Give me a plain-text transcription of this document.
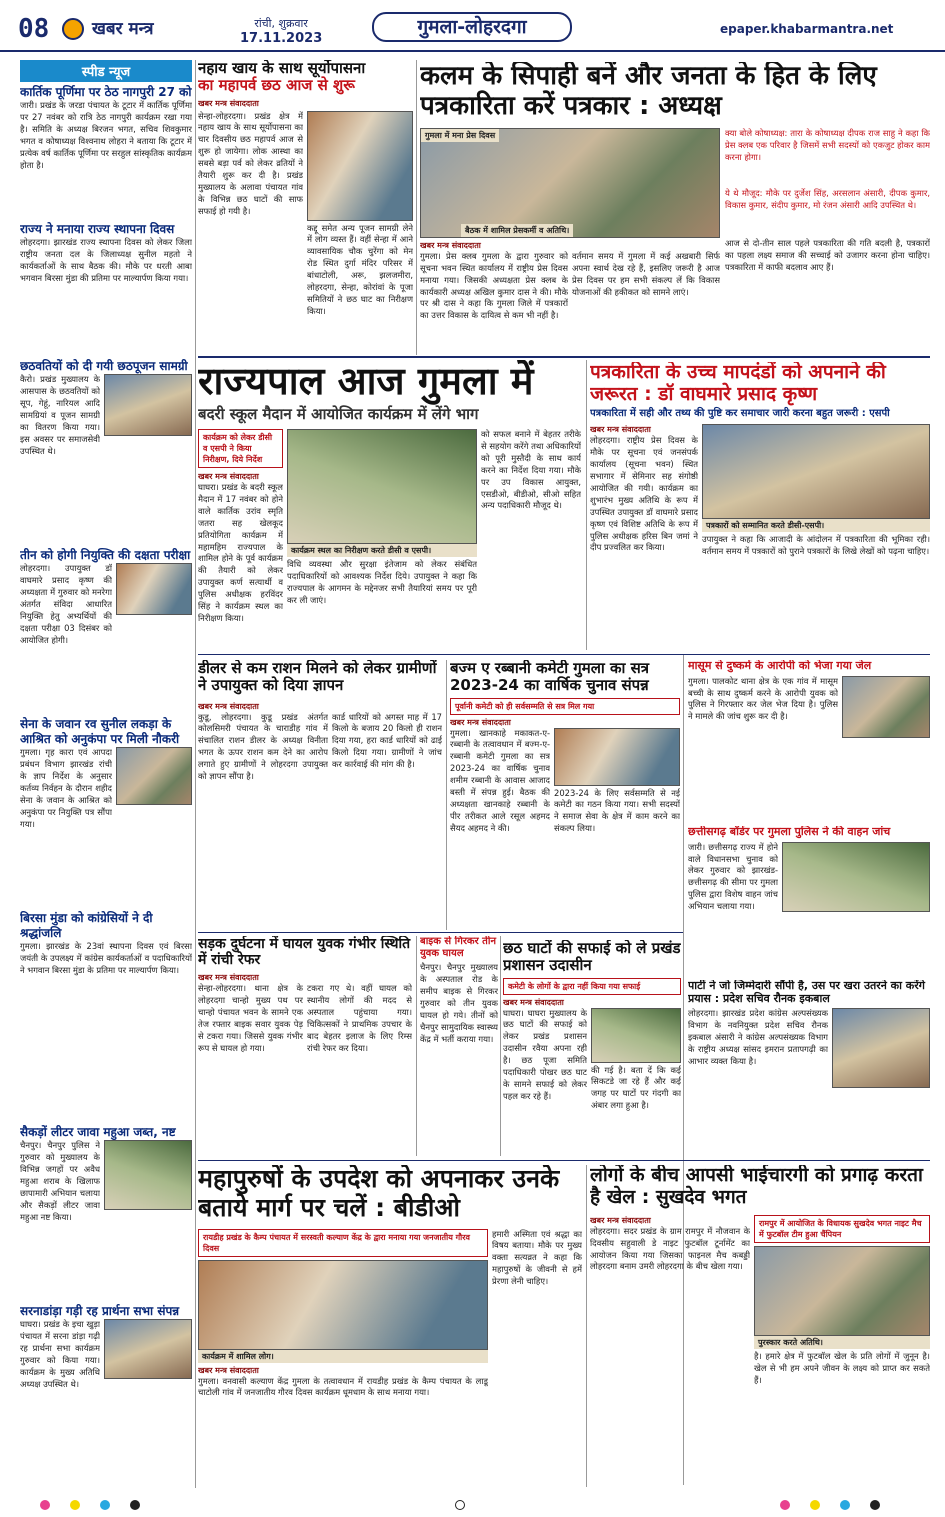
08	खबर मन्त्र	रांची, शुक्रवार
17.11.2023
गुमला-लोहरदगा	epaper.khabarmantra.net
स्पीड न्यूज
कार्तिक पूर्णिमा पर ठेठ नागपुरी 27 को
जारी। प्रखंड के जरडा पंचायत के टूटार में कार्तिक पूर्णिमा पर 27 नवंबर को रात्रि ठेठ नागपुरी कार्यक्रम रखा गया है। समिति के अध्यक्ष बिरजन भगत, सचिव शिवकुमार भगत व कोषाध्यक्ष विश्वनाथ लोहरा ने बताया कि टूटार में प्रत्येक वर्ष कार्तिक पूर्णिमा पर सरहुल सांस्कृतिक कार्यक्रम होता है।
राज्य ने मनाया राज्य स्थापना दिवस
लोहरदगा। झारखंड राज्य स्थापना दिवस को लेकर जिला राष्ट्रीय जनता दल के जिलाध्यक्ष सुनील महतो ने कार्यकर्ताओं के साथ बैठक की। मौके पर धरती आबा भगवान बिरसा मुंडा की प्रतिमा पर माल्यार्पण किया गया।
छठवतियों को दी गयी छठपूजन सामग्री
कैरो। प्रखंड मुख्यालय के आसपास के छठवतियों को सूप, गेहूं, नारियल आदि सामग्रियां व पूजन सामग्री का वितरण किया गया। इस अवसर पर समाजसेवी उपस्थित थे।
तीन को होगी नियुक्ति की दक्षता परीक्षा
लोहरदगा। उपायुक्त डॉ वाघमारे प्रसाद कृष्ण की अध्यक्षता में गुरुवार को मनरेगा अंतर्गत संविदा आधारित नियुक्ति हेतु अभ्यर्थियों की दक्षता परीक्षा 03 दिसंबर को आयोजित होगी।
सेना के जवान रव सुनील लकड़ा के आश्रित को अनुकंपा पर मिली नौकरी
गुमला। गृह कारा एवं आपदा प्रबंधन विभाग झारखंड रांची के ज्ञाप निर्देश के अनुसार कर्तव्य निर्वहन के दौरान शहीद सेना के जवान के आश्रित को अनुकंपा पर नियुक्ति पत्र सौंपा गया।
बिरसा मुंडा को कांग्रेसियों ने दी श्रद्धांजलि
गुमला। झारखंड के 23वां स्थापना दिवस एवं बिरसा जयंती के उपलक्ष्य में कांग्रेस कार्यकर्ताओं व पदाधिकारियों ने भगवान बिरसा मुंडा के प्रतिमा पर माल्यार्पण किया।
सैकड़ों लीटर जावा महुआ जब्त, नष्ट
चैनपुर। चैनपुर पुलिस ने गुरुवार को मुख्यालय के विभिन्न जगहों पर अवैध महुआ शराब के खिलाफ छापामारी अभियान चलाया और सैकड़ों लीटर जावा महुआ नष्ट किया।
सरनाडांड़ा गड़ी रह प्रार्थना सभा संपन्न
घाघरा। प्रखंड के इचा खुड़ा पंचायत में सरना डांड़ा गढ़ी रह प्रार्थना सभा कार्यक्रम गुरुवार को किया गया। कार्यक्रम के मुख्य अतिथि अध्यक्ष उपस्थित थे।
नहाय खाय के साथ सूर्योपासना
का महापर्व छठ आज से शुरू
खबर मन्त्र संवाददाता
सेन्हा-लोहरदगा। प्रखंड क्षेत्र में नहाय खाय के साथ सूर्योपासना का चार दिवसीय छठ महापर्व आज से शुरू हो जायेगा। लोक आस्था का सबसे बड़ा पर्व को लेकर व्रतियों ने तैयारी शुरू कर दी है। प्रखंड मुख्यालय के अलावा पंचायत गांव के विभिन्न छठ घाटों की साफ सफाई हो गयी है।
कद्दू समेत अन्य पूजन सामग्री लेने में लोग व्यस्त हैं। वहीं सेन्हा में आने व्यावसायिक चौक चुरेंगा को मेन रोड स्थित दुर्गा मंदिर परिसर में बांधाटोली, अरू, झलजमीरा, लोहरदगा, सेन्हा, कोरांवां के पूजा समितियों ने छठ घाट का निरीक्षण किया।
कलम के सिपाही बनें और जनता के हित के लिए पत्रकारिता करें पत्रकार : अध्यक्ष
गुमला में मना प्रेस दिवस
बैठक में शामिल प्रेसकर्मी व अतिथि।
खबर मन्त्र संवाददाता
गुमला। प्रेस क्लब गुमला के द्वारा गुरुवार को सूचना भवन स्थित कार्यालय में राष्ट्रीय प्रेस दिवस मनाया गया। जिसकी अध्यक्षता प्रेस क्लब के कार्यकारी अध्यक्ष अखिल कुमार दास ने की। मौके पर श्री दास ने कहा कि गुमला जिले में पत्रकारों का उत्तर विकास के दायित्व से कम भी नहीं है।
वर्तमान समय में गुमला में कई अखबारी सिर्फ अपना स्वार्थ देख रहे हैं, इसलिए जरूरी है आज प्रेस दिवस पर हम सभी संकल्प लें कि विकास योजनाओं की हकीकत को सामने लाएं।
क्या बोले कोषाध्यक्ष: तारा के कोषाध्यक्ष दीपक राज साहु ने कहा कि प्रेस क्लब एक परिवार है जिसमें सभी सदस्यों को एकजुट होकर काम करना होगा।
ये थे मौजूद: मौके पर दुर्जेश सिंह, अरसलान अंसारी, दीपक कुमार, विकास कुमार, संदीप कुमार, मो रंजन अंसारी आदि उपस्थित थे।
आज से दो-तीन साल पहले पत्रकारिता की गति बदली है, पत्रकारों का पहला लक्ष्य समाज की सच्चाई को उजागर करना होना चाहिए। पत्रकारिता में काफी बदलाव आए हैं।
राज्यपाल आज गुमला में
बदरी स्कूल मैदान में आयोजित कार्यक्रम में लेंगे भाग
कार्यक्रम को लेकर डीसी व एसपी ने किया निरीक्षण, दिये निर्देश
खबर मन्त्र संवाददाता
घाघरा। प्रखंड के बदरी स्कूल मैदान में 17 नवंबर को होने वाले कार्तिक उरांव स्मृति जतरा सह खेलकूद प्रतियोगिता कार्यक्रम में महामहिम राज्यपाल के शामिल होने के पूर्व कार्यक्रम की तैयारी को लेकर उपायुक्त कर्ण सत्यार्थी व पुलिस अधीक्षक हरविंदर सिंह ने कार्यक्रम स्थल का निरीक्षण किया।
कार्यक्रम स्थल का निरीक्षण करते डीसी व एसपी।
विधि व्यवस्था और सुरक्षा इंतेजाम को लेकर संबंधित पदाधिकारियों को आवश्यक निर्देश दिये। उपायुक्त ने कहा कि राज्यपाल के आगमन के मद्देनजर सभी तैयारियां समय पर पूरी कर ली जाएं।
को सफल बनाने में बेहतर तरीके से सहयोग करेंगे तथा अधिकारियों को पूरी मुस्तैदी के साथ कार्य करने का निर्देश दिया गया। मौके पर उप विकास आयुक्त, एसडीओ, बीडीओ, सीओ सहित अन्य पदाधिकारी मौजूद थे।
पत्रकारिता के उच्च मापदंडों को अपनाने की जरूरत : डॉ वाघमारे प्रसाद कृष्ण
पत्रकारिता में सही और तथ्य की पुष्टि कर समाचार जारी करना बहुत जरूरी : एसपी
खबर मन्त्र संवाददाता
लोहरदगा। राष्ट्रीय प्रेस दिवस के मौके पर सूचना एवं जनसंपर्क कार्यालय (सूचना भवन) स्थित सभागार में सेमिनार सह संगोष्ठी आयोजित की गयी। कार्यक्रम का शुभारंभ मुख्य अतिथि के रूप में उपस्थित उपायुक्त डॉ वाघमारे प्रसाद कृष्ण एवं विशिष्ट अतिथि के रूप में पुलिस अधीक्षक हरिस बिन जमां ने दीप प्रज्वलित कर किया।
पत्रकारों को सम्मानित करते डीसी-एसपी।
उपायुक्त ने कहा कि आजादी के आंदोलन में पत्रकारिता की भूमिका रही। वर्तमान समय में पत्रकारों को पुराने पत्रकारों के लिखे लेखों को पढ़ना चाहिए।
डीलर से कम राशन मिलने को लेकर ग्रामीणों ने उपायुक्त को दिया ज्ञापन
खबर मन्त्र संवाददाता
कुडू, लोहरदगा। कुडू प्रखंड अंतर्गत कोलसिमरी पंचायत के चाराडीह गांव में संचालित राशन डीलर के अध्यक्ष विनीता भगत के ऊपर राशन कम देने का आरोप लगाते हुए ग्रामीणों ने लोहरदगा उपायुक्त को ज्ञापन सौंपा है।
कार्ड धारियों को अगस्त माह में 17 किलो के बजाय 20 किलो ही राशन दिया गया, हरा कार्ड धारियों को ढाई किलो दिया गया। ग्रामीणों ने जांच कर कार्रवाई की मांग की है।
बज्म ए रब्बानी कमेटी गुमला का सत्र 2023-24 का वार्षिक चुनाव संपन्न
पूर्वानी कमेटी को ही सर्वसम्मति से सत्र मिल गया
खबर मन्त्र संवाददाता
गुमला। खानकाहे मकाकत-ए-रब्बानी के तत्वावधान में बज्म-ए-रब्बानी कमेटी गुमला का सत्र 2023-24 का वार्षिक चुनाव शमीम रब्बानी के आवास आजाद बस्ती में संपन्न हुई। बैठक की अध्यक्षता खानकाहे रब्बानी के पीर तरीकत आले रसूल अहमद सैयद अहमद ने की।
2023-24 के लिए सर्वसम्मति से नई कमेटी का गठन किया गया। सभी सदस्यों ने समाज सेवा के क्षेत्र में काम करने का संकल्प लिया।
मासूम से दुष्कर्म के आरोपी को भेजा गया जेल
गुमला। पालकोट थाना क्षेत्र के एक गांव में मासूम बच्ची के साथ दुष्कर्म करने के आरोपी युवक को पुलिस ने गिरफ्तार कर जेल भेज दिया है। पुलिस ने मामले की जांच शुरू कर दी है।
छत्तीसगढ़ बॉर्डर पर गुमला पुलिस ने की वाहन जांच
जारी। छत्तीसगढ़ राज्य में होने वाले विधानसभा चुनाव को लेकर गुरुवार को झारखंड-छत्तीसगढ़ की सीमा पर गुमला पुलिस द्वारा विशेष वाहन जांच अभियान चलाया गया।
पार्टी ने जो जिम्मेदारी सौंपी है, उस पर खरा उतरने का करेंगे प्रयास : प्रदेश सचिव रौनक इकबाल
लोहरदगा। झारखंड प्रदेश कांग्रेस अल्पसंख्यक विभाग के नवनियुक्त प्रदेश सचिव रौनक इकबाल अंसारी ने कांग्रेस अल्पसंख्यक विभाग के राष्ट्रीय अध्यक्ष सांसद इमरान प्रतापगढ़ी का आभार व्यक्त किया है।
सड़क दुर्घटना में घायल युवक गंभीर स्थिति में रांची रेफर
खबर मन्त्र संवाददाता
सेन्हा-लोहरदगा। थाना क्षेत्र के लोहरदगा चान्हो मुख्य पथ पर चान्हो पंचायत भवन के सामने एक तेज रफ्तार बाइक सवार युवक पेड़ से टकरा गया। जिससे युवक गंभीर रूप से घायल हो गया।
टकरा गए थे। वहीं घायल को स्थानीय लोगों की मदद से अस्पताल पहुंचाया गया। चिकित्सकों ने प्राथमिक उपचार के बाद बेहतर इलाज के लिए रिम्स रांची रेफर कर दिया।
बाइक से गिरकर तीन युवक घायल
चैनपुर। चैनपुर मुख्यालय के अस्पताल रोड के समीप बाइक से गिरकर गुरुवार को तीन युवक घायल हो गये। तीनों को चैनपुर सामुदायिक स्वास्थ्य केंद्र में भर्ती कराया गया।
छठ घाटों की सफाई को ले प्रखंड प्रशासन उदासीन
कमेटी के लोगों के द्वारा नहीं किया गया सफाई
खबर मन्त्र संवाददाता
घाघरा। घाघरा मुख्यालय के छठ घाटों की सफाई को लेकर प्रखंड प्रशासन उदासीन रवैया अपना रही है। छठ पूजा समिति पदाधिकारी पोखर छठ घाट के सामने सफाई को लेकर पहल कर रहे हैं।
की गई है। बता दें कि कई सिकटडे जा रहे हैं और कई जगह पर घाटों पर गंदगी का अंबार लगा हुआ है।
महापुरुषों के उपदेश को अपनाकर उनके बताये मार्ग पर चलें : बीडीओ
रायडीह प्रखंड के कैम्प पंचायत में सरस्वती कल्याण केंद्र के द्वारा मनाया गया जनजातीय गौरव दिवस
कार्यक्रम में शामिल लोग।
खबर मन्त्र संवाददाता
गुमला। वनवासी कल्याण केंद्र गुमला के तत्वावधान में रायडीह प्रखंड के कैम्प पंचायत के लाडू चाटोली गांव में जनजातीय गौरव दिवस कार्यक्रम धूमधाम के साथ मनाया गया।
हमारी अस्मिता एवं श्रद्धा का विषय बताया। मौके पर मुख्य वक्ता सत्यव्रत ने कहा कि महापुरुषों के जीवनी से हमें प्रेरणा लेनी चाहिए।
लोगों के बीच आपसी भाईचारगी को प्रगाढ़ करता है खेल : सुखदेव भगत
खबर मन्त्र संवाददाता
लोहरदगा। सदर प्रखंड के ग्राम रामपुर में नौजवान के दिवसीय सहुवाली डे नाइट फुटबॉल टूर्नामेंट का आयोजन किया गया जिसका फाइनल मैच कबड्डी लोहरदगा बनाम उमरी लोहरदगा के बीच खेला गया।
रामपुर में आयोजित के विधायक सुखदेव भगत नाइट मैच में फुटबॉल टीम हुआ चैंपियन
पुरस्कार करते अतिथि।
है। हमारे क्षेत्र में फुटबॉल खेल के प्रति लोगों में जुनून है। खेल से भी हम अपने जीवन के लक्ष्य को प्राप्त कर सकते हैं।
